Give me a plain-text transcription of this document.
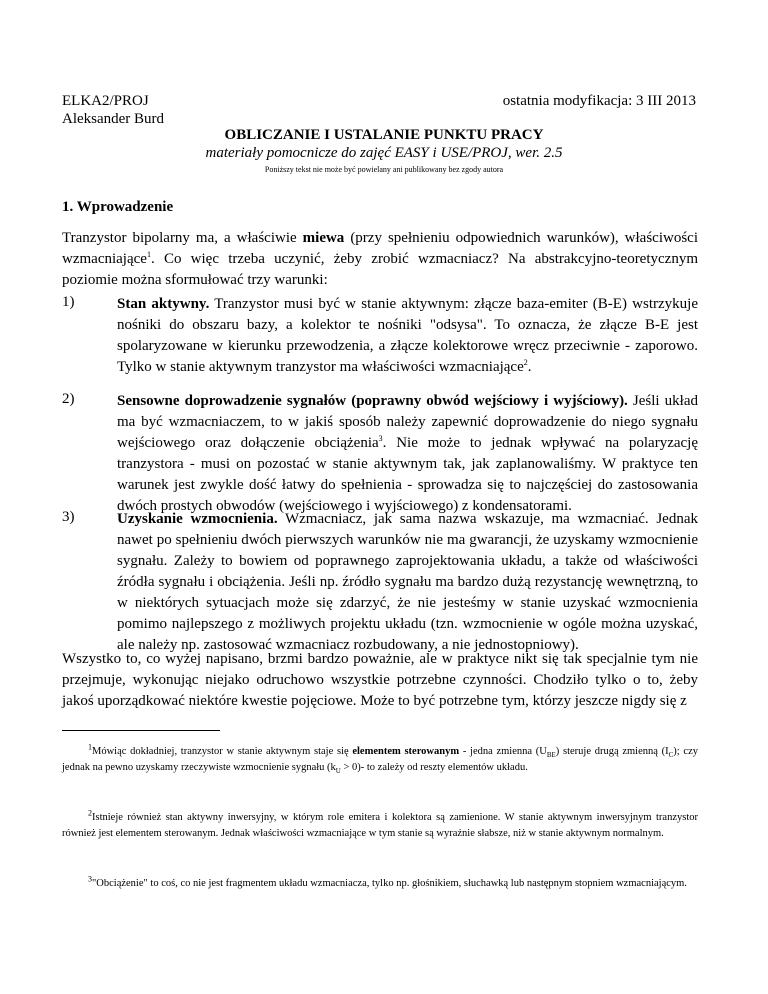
ELKA2/PROJ
Aleksander Burd
ostatnia modyfikacja: 3 III 2013
OBLICZANIE I USTALANIE PUNKTU PRACY
materiały pomocnicze do zajęć EASY i USE/PROJ, wer. 2.5
Poniższy tekst nie może być powielany ani publikowany bez zgody autora
1. Wprowadzenie
Tranzystor bipolarny ma, a właściwie miewa (przy spełnieniu odpowiednich warunków), właściwości wzmacniające$^1$. Co więc trzeba uczynić, żeby zrobić wzmacniacz? Na abstrakcyjno-teoretycznym poziomie można sformułować trzy warunki:
1)	Stan aktywny. Tranzystor musi być w stanie aktywnym: złącze baza-emiter (B-E) wstrzykuje nośniki do obszaru bazy, a kolektor te nośniki "odsysa". To oznacza, że złącze B-E jest spolaryzowane w kierunku przewodzenia, a złącze kolektorowe wręcz przeciwnie - zaporowo. Tylko w stanie aktywnym tranzystor ma właściwości wzmacniające$^2$.
2)	Sensowne doprowadzenie sygnałów (poprawny obwód wejściowy i wyjściowy). Jeśli układ ma być wzmacniaczem, to w jakiś sposób należy zapewnić doprowadzenie do niego sygnału wejściowego oraz dołączenie obciążenia$^3$. Nie może to jednak wpływać na polaryzację tranzystora - musi on pozostać w stanie aktywnym tak, jak zaplanowaliśmy. W praktyce ten warunek jest zwykle dość łatwy do spełnienia - sprowadza się to najczęściej do zastosowania dwóch prostych obwodów (wejściowego i wyjściowego) z kondensatorami.
3)	Uzyskanie wzmocnienia. Wzmacniacz, jak sama nazwa wskazuje, ma wzmacniać. Jednak nawet po spełnieniu dwóch pierwszych warunków nie ma gwarancji, że uzyskamy wzmocnienie sygnału. Zależy to bowiem od poprawnego zaprojektowania układu, a także od właściwości źródła sygnału i obciążenia. Jeśli np. źródło sygnału ma bardzo dużą rezystancję wewnętrzną, to w niektórych sytuacjach może się zdarzyć, że nie jesteśmy w stanie uzyskać wzmocnienia pomimo najlepszego z możliwych projektu układu (tzn. wzmocnienie w ogóle można uzyskać, ale należy np. zastosować wzmacniacz rozbudowany, a nie jednostopniowy).
Wszystko to, co wyżej napisano, brzmi bardzo poważnie, ale w praktyce nikt się tak specjalnie tym nie przejmuje, wykonując niejako odruchowo wszystkie potrzebne czynności. Chodziło tylko o to, żeby jakoś uporządkować niektóre kwestie pojęciowe. Może to być potrzebne tym, którzy jeszcze nigdy się z
$^1$Mówiąc dokładniej, tranzystor w stanie aktywnym staje się elementem sterowanym - jedna zmienna $(U_{BE})$ steruje drugą zmienną $(I_C)$; czy jednak na pewno uzyskamy rzeczywiste wzmocnienie sygnału $(k_U > 0)-$ to zależy od reszty elementów układu.
$^2$Istnieje również stan aktywny inwersyjny, w którym role emitera i kolektora są zamienione. W stanie aktywnym inwersyjnym tranzystor również jest elementem sterowanym. Jednak właściwości wzmacniające w tym stanie są wyraźnie słabsze, niż w stanie aktywnym normalnym.
$^3$"Obciążenie" to coś, co nie jest fragmentem układu wzmacniacza, tylko np. głośnikiem, słuchawką lub następnym stopniem wzmacniającym.
